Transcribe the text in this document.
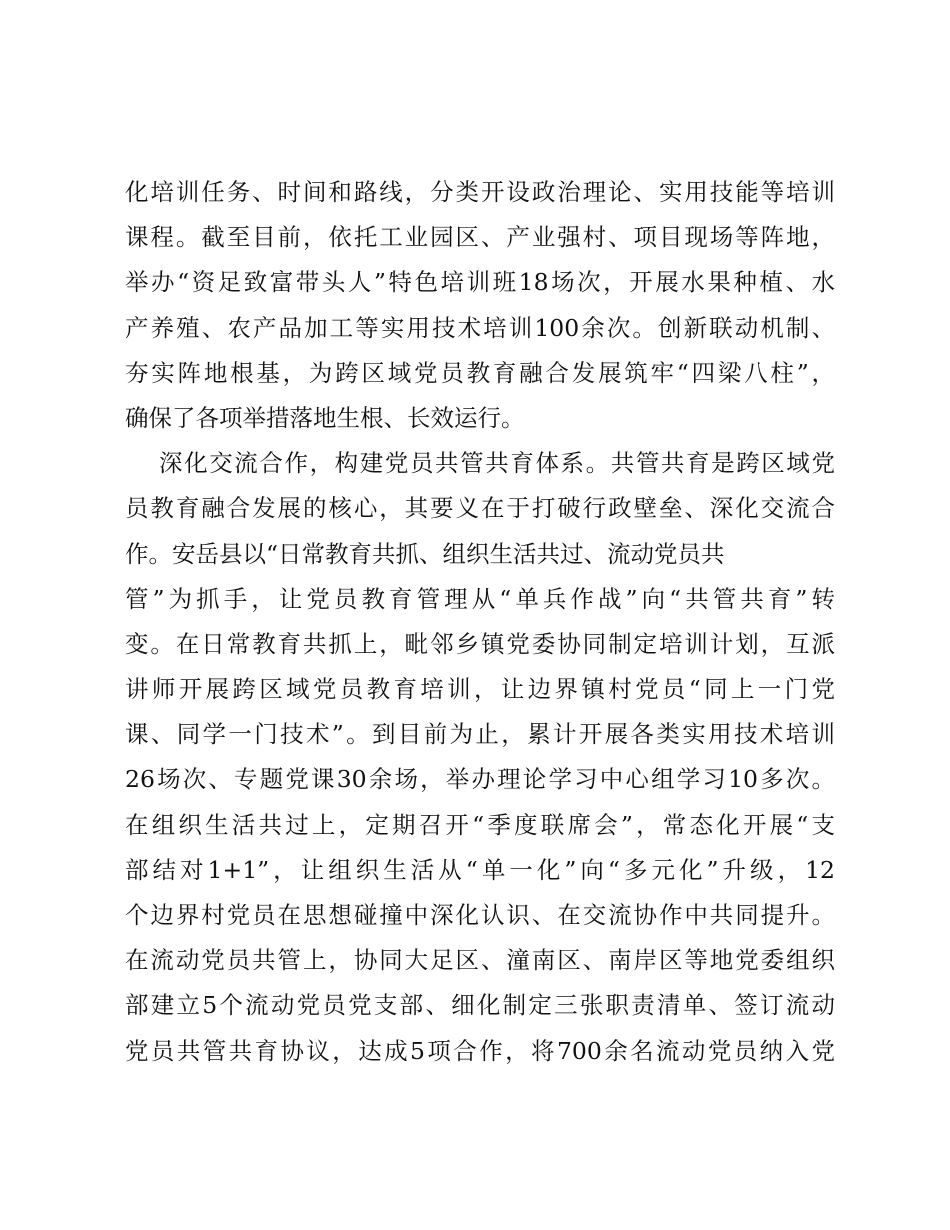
化培训任务、时间和路线，分类开设政治理论、实用技能等培训
课程。截至目前，依托工业园区、产业强村、项目现场等阵地，
举办“资足致富带头人”特色培训班18场次，开展水果种植、水
产养殖、农产品加工等实用技术培训100余次。创新联动机制、
夯实阵地根基，为跨区域党员教育融合发展筑牢“四梁八柱”，
确保了各项举措落地生根、长效运行。
深化交流合作，构建党员共管共育体系。共管共育是跨区域党
员教育融合发展的核心，其要义在于打破行政壁垒、深化交流合
作。安岳县以“日常教育共抓、组织生活共过、流动党员共
管”为抓手，让党员教育管理从“单兵作战”向“共管共育”转
变。在日常教育共抓上，毗邻乡镇党委协同制定培训计划，互派
讲师开展跨区域党员教育培训，让边界镇村党员“同上一门党
课、同学一门技术”。到目前为止，累计开展各类实用技术培训
26场次、专题党课30余场，举办理论学习中心组学习10多次。
在组织生活共过上，定期召开“季度联席会”，常态化开展“支
部结对1+1”，让组织生活从“单一化”向“多元化”升级，12
个边界村党员在思想碰撞中深化认识、在交流协作中共同提升。
在流动党员共管上，协同大足区、潼南区、南岸区等地党委组织
部建立5个流动党员党支部、细化制定三张职责清单、签订流动
党员共管共育协议，达成5项合作，将700余名流动党员纳入党
